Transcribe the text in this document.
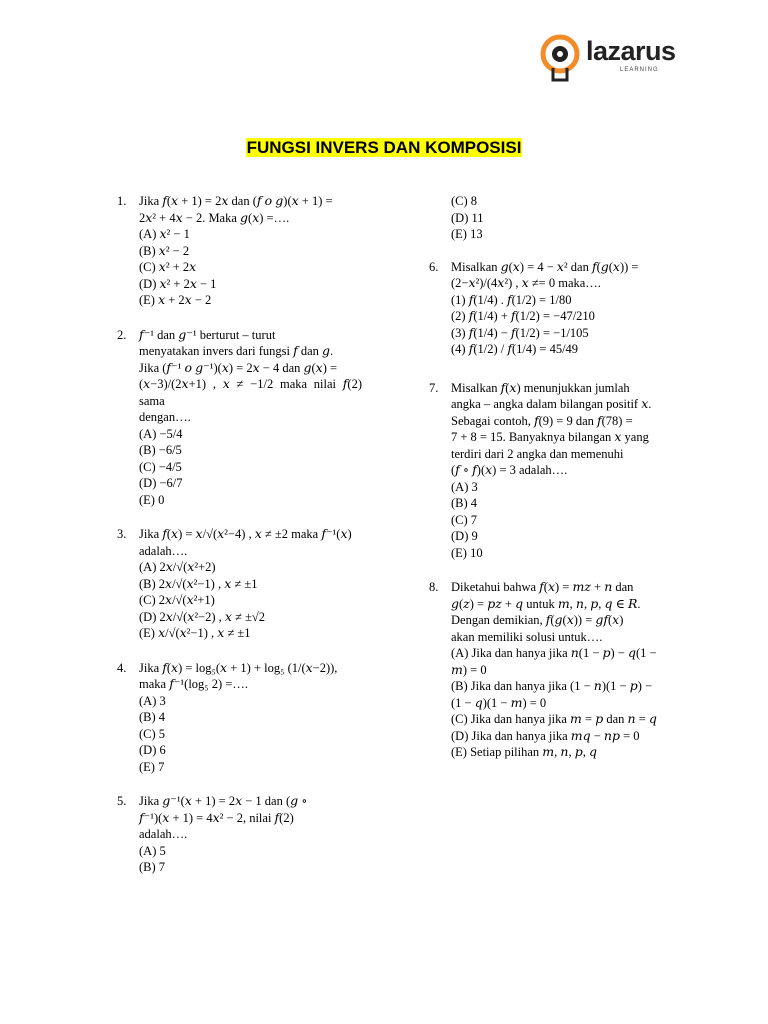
lazarus
LEARNING
FUNGSI INVERS DAN KOMPOSISI
1. Jika 𝑓(𝑥 + 1) = 2𝑥 dan (𝑓 𝑜 𝑔)(𝑥 + 1) =
2𝑥² + 4𝑥 − 2. Maka 𝑔(𝑥) =….
(A) 𝑥² − 1
(B) 𝑥² − 2
(C) 𝑥² + 2𝑥
(D) 𝑥² + 2𝑥 − 1
(E) 𝑥 + 2𝑥 − 2
2. 𝑓⁻¹ dan 𝑔⁻¹ berturut – turut
menyatakan invers dari fungsi 𝑓 dan 𝑔.
Jika (𝑓⁻¹ 𝑜 𝑔⁻¹)(𝑥) = 2𝑥 − 4 dan 𝑔(𝑥) =
(𝑥−3)/(2𝑥+1) , 𝑥 ≠ −1/2 maka nilai 𝑓(2) sama
dengan….
(A) −5/4
(B) −6/5
(C) −4/5
(D) −6/7
(E) 0
3. Jika 𝑓(𝑥) = 𝑥/√(𝑥²−4) , 𝑥 ≠ ±2 maka 𝑓⁻¹(𝑥)
adalah….
(A) 2𝑥/√(𝑥²+2)
(B) 2𝑥/√(𝑥²−1) , 𝑥 ≠ ±1
(C) 2𝑥/√(𝑥²+1)
(D) 2𝑥/√(𝑥²−2) , 𝑥 ≠ ±√2
(E) 𝑥/√(𝑥²−1) , 𝑥 ≠ ±1
4. Jika 𝑓(𝑥) = log₅(𝑥 + 1) + log₅ (1/(𝑥−2)),
maka 𝑓⁻¹(log₅ 2) =….
(A) 3
(B) 4
(C) 5
(D) 6
(E) 7
5. Jika 𝑔⁻¹(𝑥 + 1) = 2𝑥 − 1 dan (𝑔 ∘
𝑓⁻¹)(𝑥 + 1) = 4𝑥² − 2, nilai 𝑓(2)
adalah….
(A) 5
(B) 7
(C) 8
(D) 11
(E) 13
6. Misalkan 𝑔(𝑥) = 4 − 𝑥² dan 𝑓(𝑔(𝑥)) =
(2−𝑥²)/(4𝑥²) , 𝑥 ≠= 0 maka….
(1) 𝑓(1/4) . 𝑓(1/2) = 1/80
(2) 𝑓(1/4) + 𝑓(1/2) = −47/210
(3) 𝑓(1/4) − 𝑓(1/2) = −1/105
(4) 𝑓(1/2) / 𝑓(1/4) = 45/49
7. Misalkan 𝑓(𝑥) menunjukkan jumlah
angka – angka dalam bilangan positif 𝑥.
Sebagai contoh, 𝑓(9) = 9 dan 𝑓(78) =
7 + 8 = 15. Banyaknya bilangan 𝑥 yang
terdiri dari 2 angka dan memenuhi
(𝑓 ∘ 𝑓)(𝑥) = 3 adalah….
(A) 3
(B) 4
(C) 7
(D) 9
(E) 10
8. Diketahui bahwa 𝑓(𝑥) = 𝑚𝑧 + 𝑛 dan
𝑔(𝑧) = 𝑝𝑧 + 𝑞 untuk 𝑚, 𝑛, 𝑝, 𝑞 ∈ 𝑅.
Dengan demikian, 𝑓(𝑔(𝑥)) = 𝑔𝑓(𝑥)
akan memiliki solusi untuk….
(A) Jika dan hanya jika 𝑛(1 − 𝑝) − 𝑞(1 −
𝑚) = 0
(B) Jika dan hanya jika (1 − 𝑛)(1 − 𝑝) −
(1 − 𝑞)(1 − 𝑚) = 0
(C) Jika dan hanya jika 𝑚 = 𝑝 dan 𝑛 = 𝑞
(D) Jika dan hanya jika 𝑚𝑞 − 𝑛𝑝 = 0
(E) Setiap pilihan 𝑚, 𝑛, 𝑝, 𝑞
